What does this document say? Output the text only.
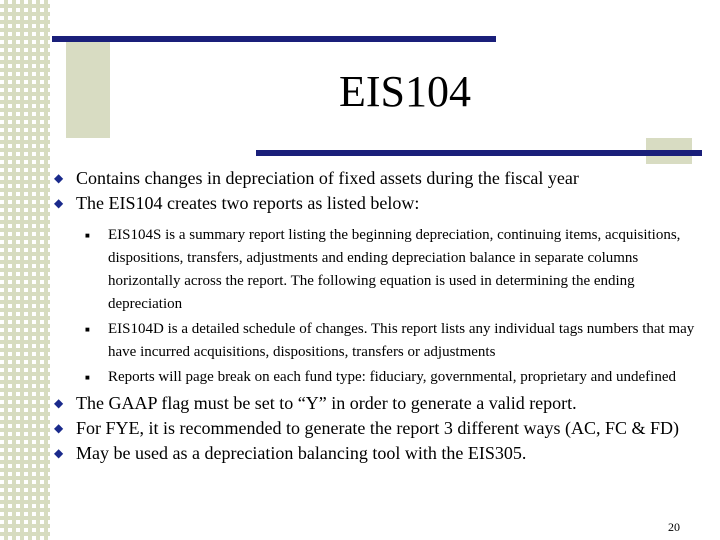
EIS104
◆ Contains changes in depreciation of fixed assets during the fiscal year
◆ The EIS104 creates two reports as listed below:
■ EIS104S is a summary report listing the beginning depreciation, continuing items, acquisitions, dispositions, transfers, adjustments and ending depreciation balance in separate columns horizontally across the report. The following equation is used in determining the ending depreciation
■ EIS104D is a detailed schedule of changes. This report lists any individual tags numbers that may have incurred acquisitions, dispositions, transfers or adjustments
■ Reports will page break on each fund type: fiduciary, governmental, proprietary and undefined
◆ The GAAP flag must be set to “Y” in order to generate a valid report.
◆ For FYE, it is recommended to generate the report 3 different ways (AC, FC & FD)
◆ May be used as a depreciation balancing tool with the EIS305.
20
